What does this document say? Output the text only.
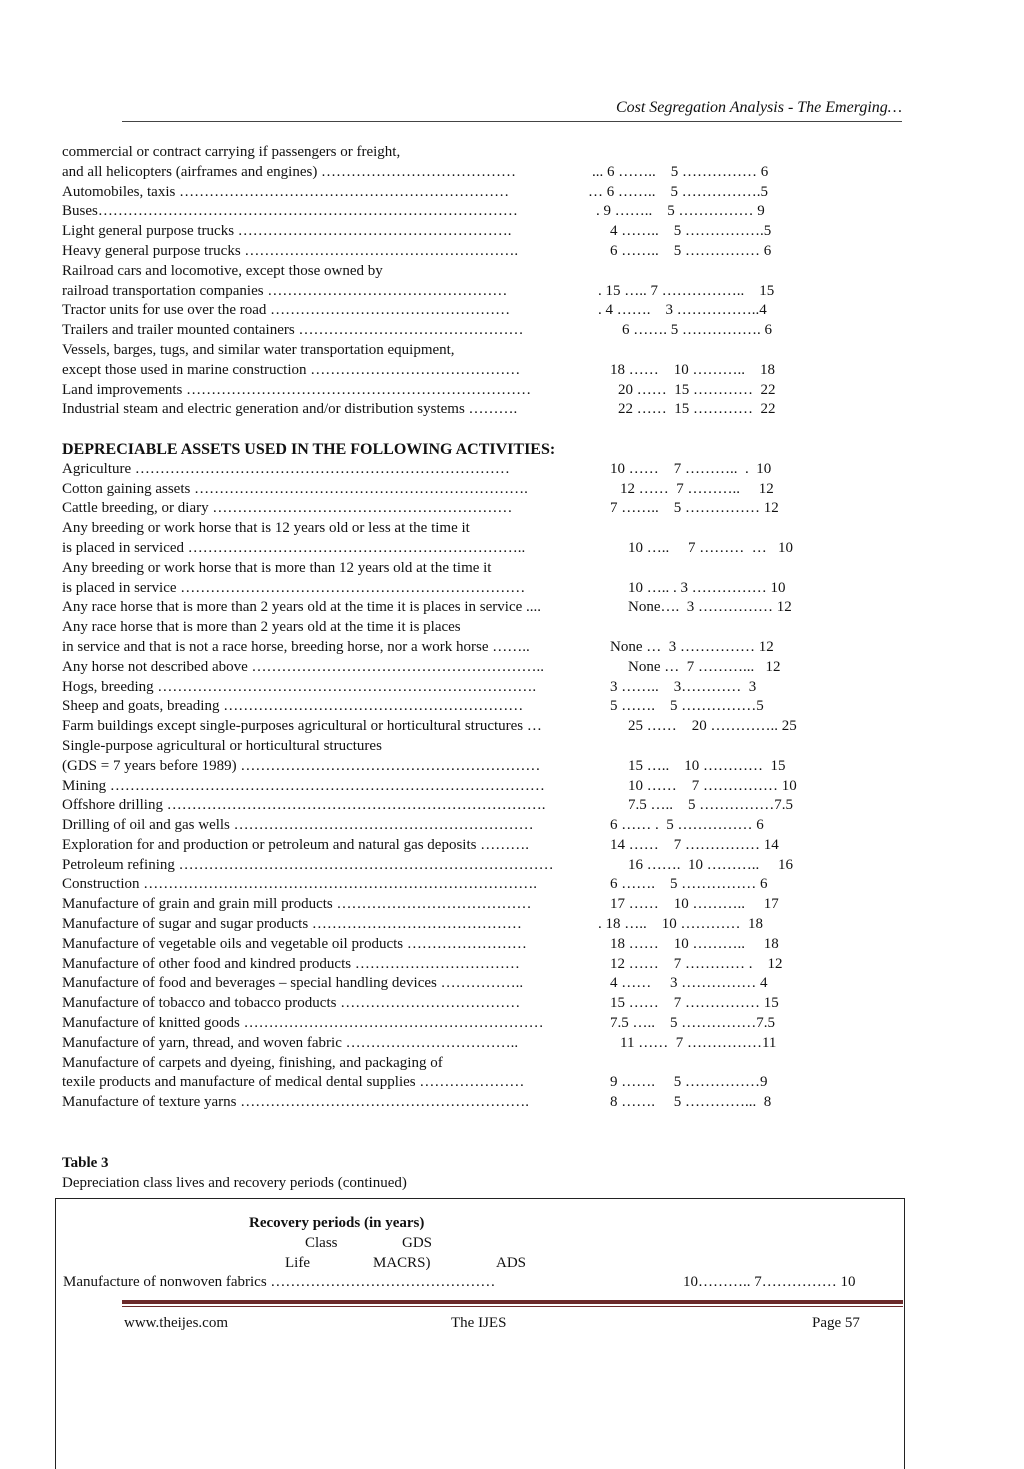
Cost Segregation Analysis - The Emerging…
commercial or contract carrying if passengers or freight,
and all helicopters (airframes and engines) …………………………………	... 6 ……..    5 …………… 6
Automobiles, taxis …………………………………………………………	… 6 ……..    5 …………….5
Buses…………………………………………………………………………	. 9 ……..    5 …………… 9
Light general purpose trucks ……………………………………………….	4 ……..    5 …………….5
Heavy general purpose trucks ……………………………………………….	6 ……..    5 …………… 6
Railroad cars and locomotive, except those owned by
railroad transportation companies …………………………………………	. 15 ….. 7 ……………..    15
Tractor units for use over the road …………………………………………	. 4 …….    3 ……………..4
Trailers and trailer mounted containers ………………………………………	6 ……. 5 ……………. 6
Vessels, barges, tugs, and similar water transportation equipment,
except those used in marine construction ……………………………………	18 ……    10 ………..    18
Land improvements ……………………………………………………………	20 ……  15 …………  22
Industrial steam and electric generation and/or distribution systems ……….	22 ……  15 …………  22
DEPRECIABLE ASSETS USED IN THE FOLLOWING ACTIVITIES:
Agriculture …………………………………………………………………	10 ……    7 ………..  .  10
Cotton gaining assets ………………………………………………………….	12 ……  7 ………..     12
Cattle breeding, or diary ……………………………………………………	7 ……..    5 …………… 12
Any breeding or work horse that is 12 years old or less at the time it
is placed in serviced …………………………………………………………..	10 …..     7 ………  …   10
Any breeding or work horse that is more than 12 years old at the time it
is placed in service ……………………………………………………………	10 ….. . 3 …………… 10
Any race horse that is more than 2 years old at the time it is places in service ....	None….  3 …………… 12
Any race horse that is more than 2 years old at the time it is places
in service and that is not a race horse, breeding horse, nor a work horse ……..	None …  3 …………… 12
Any horse not described above …………………………………………………..	None …  7 ………...   12
Hogs, breeding ………………………………………………………………….	3 ……..    3…………  3
Sheep and goats, breading ……………………………………………………	5 …….    5 ……………5
Farm buildings except single-purposes agricultural or horticultural structures …	25 ……    20 ………….. 25
Single-purpose agricultural or horticultural structures
(GDS = 7 years before 1989) ……………………………………………………	15 …..    10 …………  15
Mining ……………………………………………………………………………	10 ……    7 …………… 10
Offshore drilling ………………………………………………………………….	7.5 …..    5 ……………7.5
Drilling of oil and gas wells ……………………………………………………	6 …… .  5 …………… 6
Exploration for and production or petroleum and natural gas deposits ……….	14 ……    7 …………… 14
Petroleum refining …………………………………………………………………	16 …….  10 ………..     16
Construction …………………………………………………………………….	6 …….    5 …………… 6
Manufacture of grain and grain mill products …………………………………	17 ……    10 ………..     17
Manufacture of sugar and sugar products ……………………………………	. 18 …..    10 …………  18
Manufacture of vegetable oils and vegetable oil products ……………………	18 ……    10 ………..     18
Manufacture of other food and kindred products ……………………………	12 ……    7 ………… .    12
Manufacture of food and beverages – special handling devices ……………..	4 ……     3 …………… 4
Manufacture of tobacco and tobacco products ………………………………	15 ……    7 …………… 15
Manufacture of knitted goods ……………………………………………………	7.5 …..    5 ……………7.5
Manufacture of yarn, thread, and woven fabric ……………………………..	11 ……  7 ……………11
Manufacture of carpets and dyeing, finishing, and packaging of
texile products and manufacture of medical dental supplies …………………	9 …….     5 ……………9
Manufacture of texture yarns ………………………………………………….	8 …….     5 …………...  8
Table 3
Depreciation class lives and recovery periods (continued)
Recovery periods (in years)
Class	GDS
Life	MACRS)	ADS
Manufacture of nonwoven fabrics ………………………………………	10……….. 7…………… 10
www.theijes.com	The IJES	Page 57
